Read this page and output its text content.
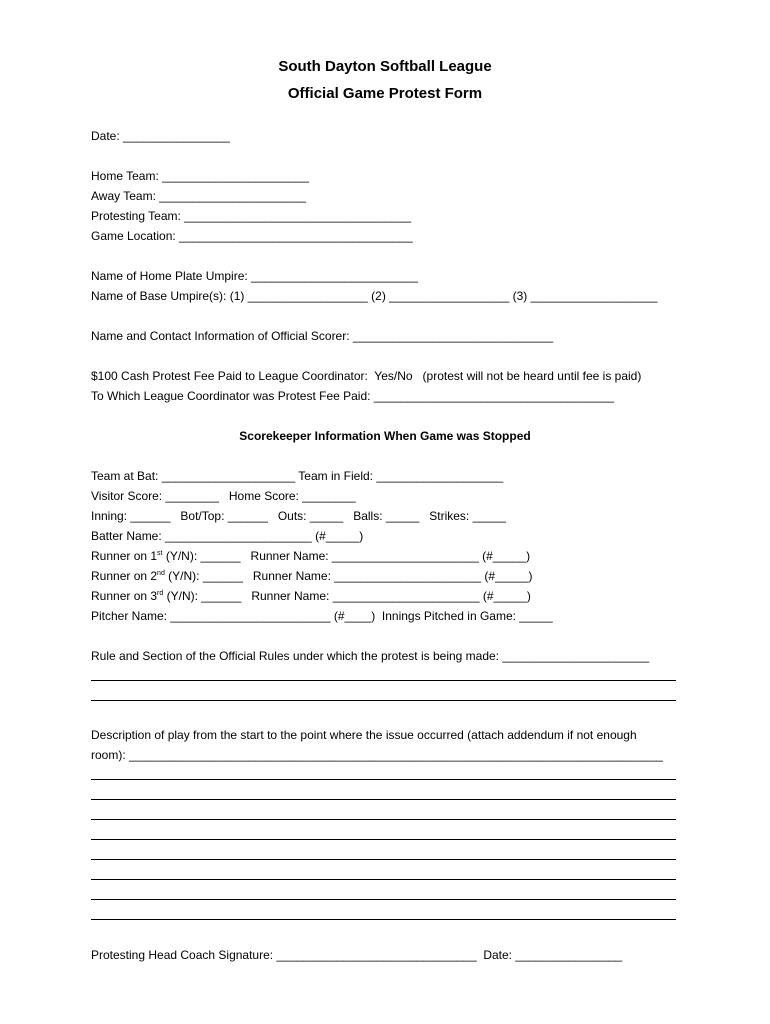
South Dayton Softball League
Official Game Protest Form
Date: ________________
Home Team: ______________________
Away Team: ______________________
Protesting Team: __________________________________
Game Location: ___________________________________
Name of Home Plate Umpire: _________________________
Name of Base Umpire(s): (1) __________________ (2) __________________ (3) ___________________
Name and Contact Information of Official Scorer: ______________________________
$100 Cash Protest Fee Paid to League Coordinator:  Yes/No   (protest will not be heard until fee is paid)
To Which League Coordinator was Protest Fee Paid: ____________________________________
Scorekeeper Information When Game was Stopped
Team at Bat: ____________________ Team in Field: ___________________
Visitor Score: ________   Home Score: ________
Inning: ______   Bot/Top: ______   Outs: _____   Balls: _____   Strikes: _____
Batter Name: ______________________ (#_____)
Runner on 1st (Y/N): ______   Runner Name: ______________________ (#_____)
Runner on 2nd (Y/N): ______   Runner Name: ______________________ (#_____)
Runner on 3rd (Y/N): ______   Runner Name: ______________________ (#_____)
Pitcher Name: ________________________ (#____)  Innings Pitched in Game: _____
Rule and Section of the Official Rules under which the protest is being made: ______________________
Description of play from the start to the point where the issue occurred (attach addendum if not enough
room): ________________________________________________________________________________
Protesting Head Coach Signature: ______________________________  Date: ________________
